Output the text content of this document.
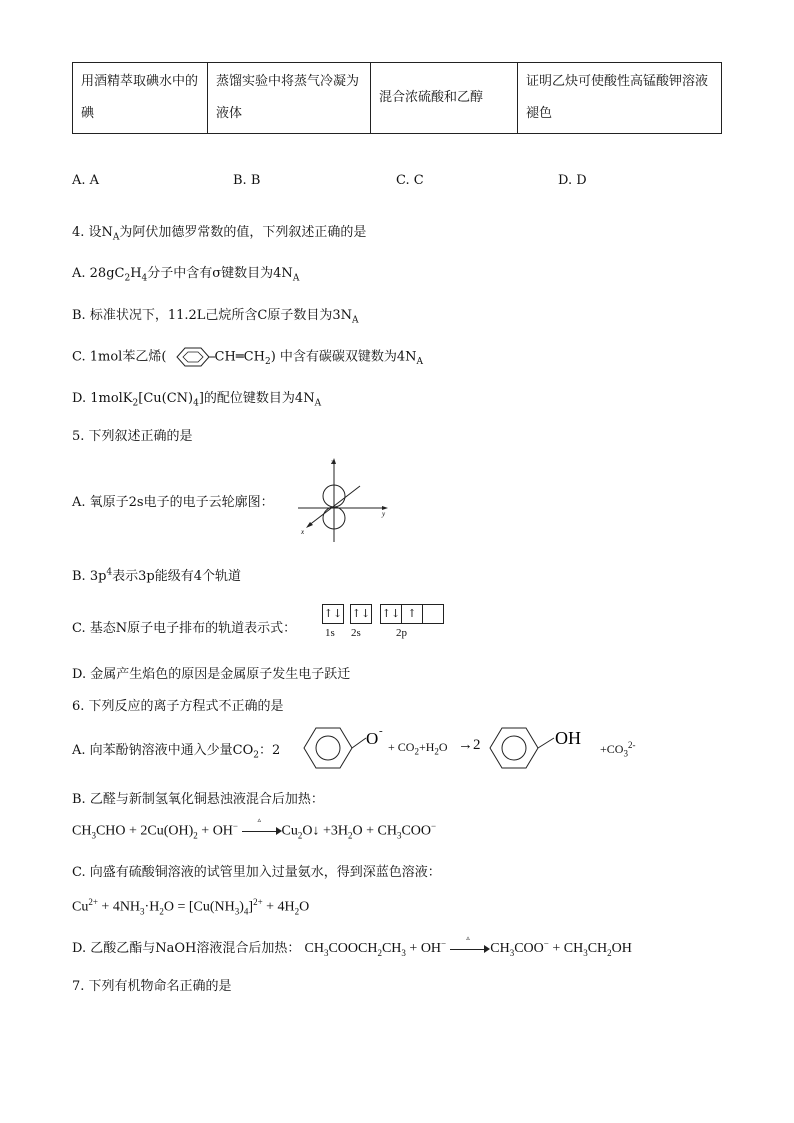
用酒精萃取碘水中的碘	蒸馏实验中将蒸气冷凝为液体	混合浓硫酸和乙醇	证明乙炔可使酸性高锰酸钾溶液褪色
A. A	B. B	C. C	D. D
4. 设$N_A$为阿伏加德罗常数的值，下列叙述正确的是
A. $28gC_2H_4$分子中含有σ键数目为$4N_A$
B. 标准状况下，11.2L己烷所含C原子数目为$3N_A$
C. 1mol苯乙烯(	$CH═CH_2$) 中含有碳碳双键数为$4N_A$
D. $1molK_2[Cu(CN)_4]$的配位键数目为$4N_A$
5. 下列叙述正确的是
A. 氧原子2s电子的电子云轮廓图：
z
y
x
B. $3p^4$表示3p能级有4个轨道
C. 基态N原子电子排布的轨道表示式：
↑↓ ↑↓ ↑↓ ↑
1s 2s	2p
D. 金属产生焰色的原因是金属原子发生电子跃迁
6. 下列反应的离子方程式不正确的是
A. 向苯酚钠溶液中通入少量$CO_2$：2
O -
+ $CO_2+H_2O \to 2$	OH
$+CO_3^{2-}$
B. 乙醛与新制氢氧化铜悬浊液混合后加热：
$CH_3CHO + 2Cu(OH)_2 + OH^-$
▵
$Cu_2O↓ +3H_2O + CH_3COO^-$
C. 向盛有硫酸铜溶液的试管里加入过量氨水，得到深蓝色溶液：
$Cu^{2+} + 4NH_3\cdot H_2O = [Cu(NH_3)_4]^{2+} + 4H_2O$
D. 乙酸乙酯与NaOH溶液混合后加热： $CH_3COOCH_2CH_3 + OH^-$
▵
$CH_3COO^- + CH_3CH_2OH$
7. 下列有机物命名正确的是
